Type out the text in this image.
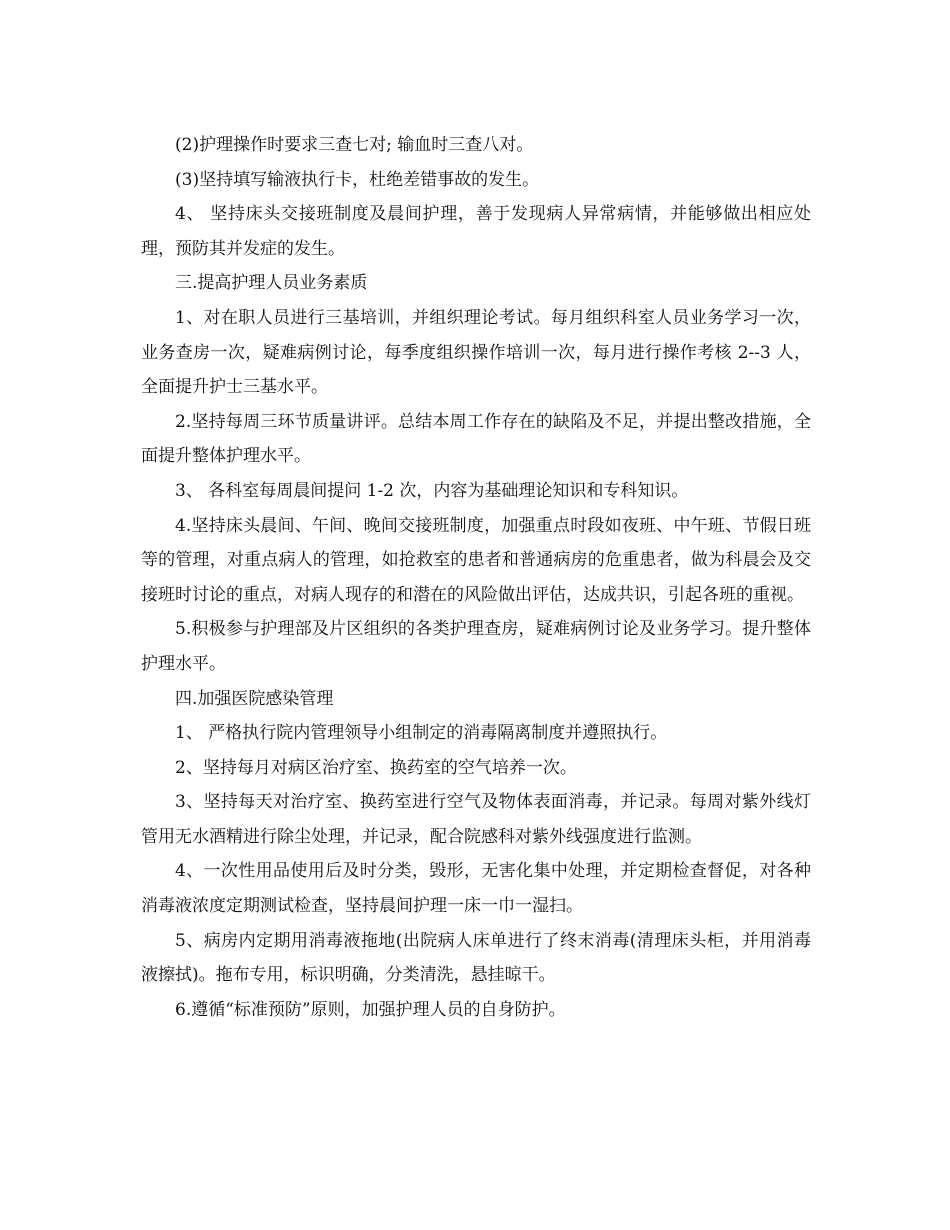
(2)护理操作时要求三查七对; 输血时三查八对。

(3)坚持填写输液执行卡，杜绝差错事故的发生。

4、 坚持床头交接班制度及晨间护理，善于发现病人异常病情，并能够做出相应处理，预防其并发症的发生。

三.提高护理人员业务素质

1、对在职人员进行三基培训，并组织理论考试。每月组织科室人员业务学习一次，业务查房一次，疑难病例讨论，每季度组织操作培训一次，每月进行操作考核 2--3 人，全面提升护士三基水平。

2.坚持每周三环节质量讲评。总结本周工作存在的缺陷及不足，并提出整改措施，全面提升整体护理水平。

3、 各科室每周晨间提问 1-2 次，内容为基础理论知识和专科知识。

4.坚持床头晨间、午间、晚间交接班制度，加强重点时段如夜班、中午班、节假日班等的管理，对重点病人的管理，如抢救室的患者和普通病房的危重患者，做为科晨会及交接班时讨论的重点，对病人现存的和潜在的风险做出评估，达成共识，引起各班的重视。

5.积极参与护理部及片区组织的各类护理查房，疑难病例讨论及业务学习。提升整体护理水平。

四.加强医院感染管理

1、 严格执行院内管理领导小组制定的消毒隔离制度并遵照执行。

2、坚持每月对病区治疗室、换药室的空气培养一次。

3、坚持每天对治疗室、换药室进行空气及物体表面消毒，并记录。每周对紫外线灯管用无水酒精进行除尘处理，并记录，配合院感科对紫外线强度进行监测。

4、一次性用品使用后及时分类，毁形，无害化集中处理，并定期检查督促，对各种消毒液浓度定期测试检查，坚持晨间护理一床一巾一湿扫。

5、病房内定期用消毒液拖地(出院病人床单进行了终末消毒(清理床头柜，并用消毒液擦拭)。拖布专用，标识明确，分类清洗，悬挂晾干。

6.遵循“标准预防”原则，加强护理人员的自身防护。
